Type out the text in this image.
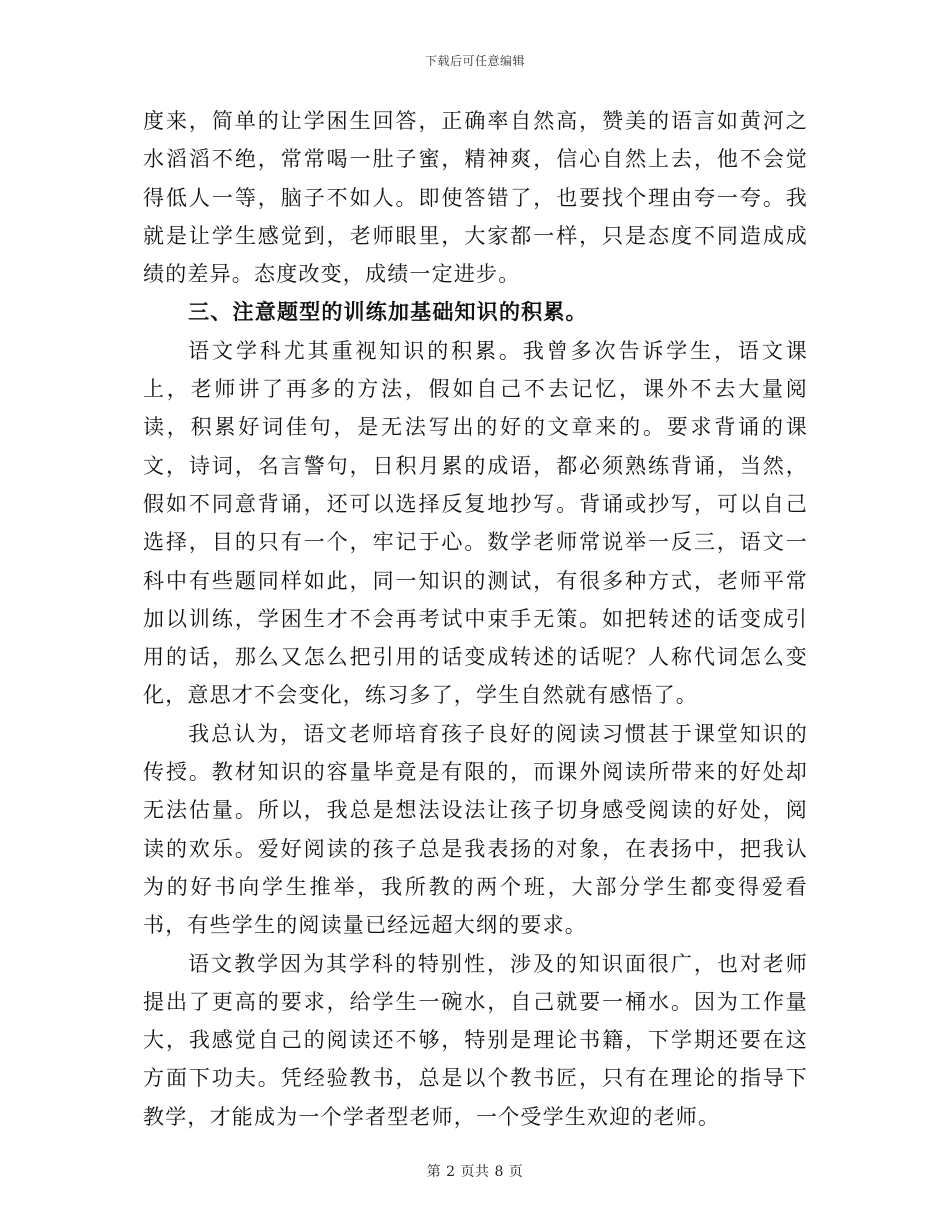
下载后可任意编辑

度来，简单的让学困生回答，正确率自然高，赞美的语言如黄河之水滔滔不绝，常常喝一肚子蜜，精神爽，信心自然上去，他不会觉得低人一等，脑子不如人。即使答错了，也要找个理由夸一夸。我就是让学生感觉到，老师眼里，大家都一样，只是态度不同造成成绩的差异。态度改变，成绩一定进步。

三、注意题型的训练加基础知识的积累。

语文学科尤其重视知识的积累。我曾多次告诉学生，语文课上，老师讲了再多的方法，假如自己不去记忆，课外不去大量阅读，积累好词佳句，是无法写出的好的文章来的。要求背诵的课文，诗词，名言警句，日积月累的成语，都必须熟练背诵，当然，假如不同意背诵，还可以选择反复地抄写。背诵或抄写，可以自己选择，目的只有一个，牢记于心。数学老师常说举一反三，语文一科中有些题同样如此，同一知识的测试，有很多种方式，老师平常加以训练，学困生才不会再考试中束手无策。如把转述的话变成引用的话，那么又怎么把引用的话变成转述的话呢？人称代词怎么变化，意思才不会变化，练习多了，学生自然就有感悟了。

我总认为，语文老师培育孩子良好的阅读习惯甚于课堂知识的传授。教材知识的容量毕竟是有限的，而课外阅读所带来的好处却无法估量。所以，我总是想法设法让孩子切身感受阅读的好处，阅读的欢乐。爱好阅读的孩子总是我表扬的对象，在表扬中，把我认为的好书向学生推举，我所教的两个班，大部分学生都变得爱看书，有些学生的阅读量已经远超大纲的要求。

语文教学因为其学科的特别性，涉及的知识面很广，也对老师提出了更高的要求，给学生一碗水，自己就要一桶水。因为工作量大，我感觉自己的阅读还不够，特别是理论书籍，下学期还要在这方面下功夫。凭经验教书，总是以个教书匠，只有在理论的指导下教学，才能成为一个学者型老师，一个受学生欢迎的老师。

第 2 页共 8 页
